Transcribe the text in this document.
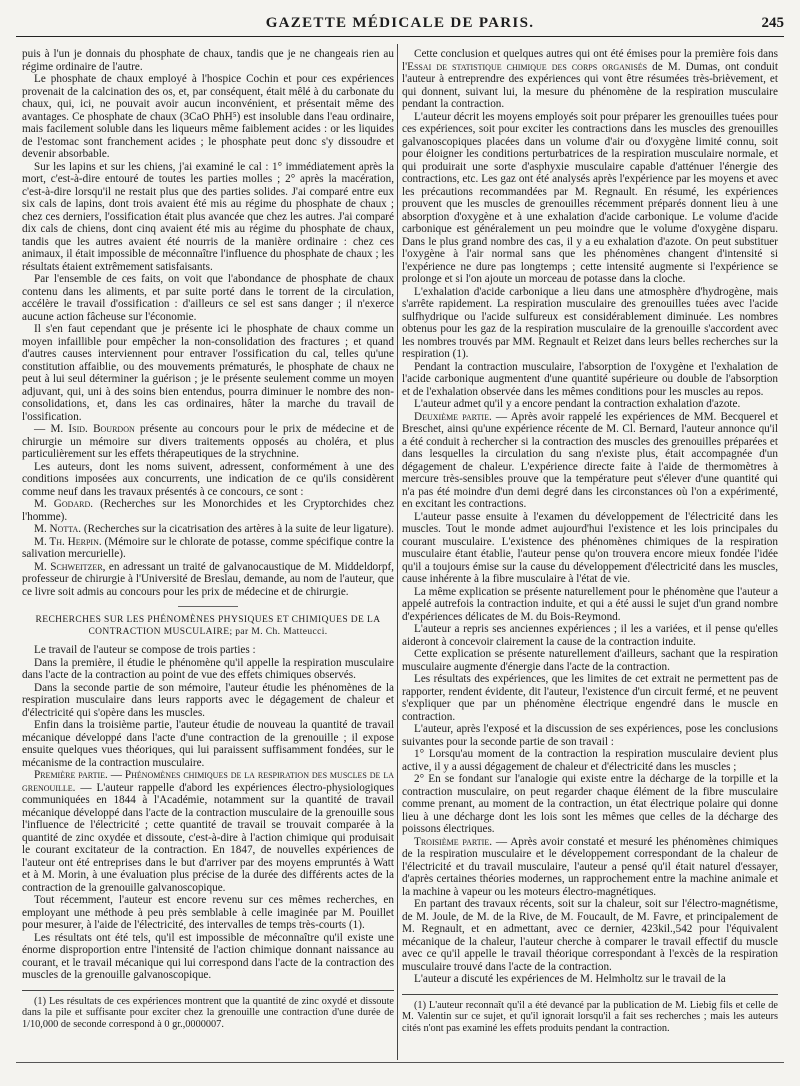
GAZETTE MÉDICALE DE PARIS.	245

puis à l'un je donnais du phosphate de chaux, tandis que je ne changeais rien au régime ordinaire de l'autre.

Le phosphate de chaux employé à l'hospice Cochin et pour ces expériences provenait de la calcination des os, et, par conséquent, était mêlé à du carbonate du chaux, qui, ici, ne pouvait avoir aucun inconvénient, et présentait même des avantages. Ce phosphate de chaux (3CaO PhH⁵) est insoluble dans l'eau ordinaire, mais facilement soluble dans les liqueurs même faiblement acides : or les liquides de l'estomac sont franchement acides ; le phosphate peut donc s'y dissoudre et devenir absorbable.

Sur les lapins et sur les chiens, j'ai examiné le cal : 1° immédiatement après la mort, c'est-à-dire entouré de toutes les parties molles ; 2° après la macération, c'est-à-dire lorsqu'il ne restait plus que des parties solides. J'ai comparé entre eux six cals de lapins, dont trois avaient été mis au régime du phosphate de chaux ; chez ces derniers, l'ossification était plus avancée que chez les autres. J'ai comparé dix cals de chiens, dont cinq avaient été mis au régime du phosphate de chaux, tandis que les autres avaient été nourris de la manière ordinaire : chez ces animaux, il était impossible de méconnaître l'influence du phosphate de chaux ; les résultats étaient extrêmement satisfaisants.

Par l'ensemble de ces faits, on voit que l'abondance de phosphate de chaux contenu dans les aliments, et par suite porté dans le torrent de la circulation, accélère le travail d'ossification : d'ailleurs ce sel est sans danger ; il n'exerce aucune action fâcheuse sur l'économie.

Il s'en faut cependant que je présente ici le phosphate de chaux comme un moyen infaillible pour empêcher la non-consolidation des fractures ; et quand d'autres causes interviennent pour entraver l'ossification du cal, telles qu'une constitution affaiblie, ou des mouvements prématurés, le phosphate de chaux ne peut à lui seul déterminer la guérison ; je le présente seulement comme un moyen adjuvant, qui, uni à des soins bien entendus, pourra diminuer le nombre des non-consolidations, et, dans les cas ordinaires, hâter la marche du travail de l'ossification.

— M. Isid. Bourdon présente au concours pour le prix de médecine et de chirurgie un mémoire sur divers traitements opposés au choléra, et plus particulièrement sur les effets thérapeutiques de la strychnine.

Les auteurs, dont les noms suivent, adressent, conformément à une des conditions imposées aux concurrents, une indication de ce qu'ils considèrent comme neuf dans les travaux présentés à ce concours, ce sont :

M. Godard. (Recherches sur les Monorchides et les Cryptorchides chez l'homme).

M. Notta. (Recherches sur la cicatrisation des artères à la suite de leur ligature).

M. Th. Herpin. (Mémoire sur le chlorate de potasse, comme spécifique contre la salivation mercurielle).

M. Schweitzer, en adressant un traité de galvanocaustique de M. Middeldorpf, professeur de chirurgie à l'Université de Breslau, demande, au nom de l'auteur, que ce livre soit admis au concours pour les prix de médecine et de chirurgie.

RECHERCHES SUR LES PHÉNOMÈNES PHYSIQUES ET CHIMIQUES DE LA
CONTRACTION MUSCULAIRE; par M. Ch. Matteucci.

Le travail de l'auteur se compose de trois parties :

Dans la première, il étudie le phénomène qu'il appelle la respiration musculaire dans l'acte de la contraction au point de vue des effets chimiques observés.

Dans la seconde partie de son mémoire, l'auteur étudie les phénomènes de la respiration musculaire dans leurs rapports avec le dégagement de chaleur et d'électricité qui s'opère dans les muscles.

Enfin dans la troisième partie, l'auteur étudie de nouveau la quantité de travail mécanique développé dans l'acte d'une contraction de la grenouille ; il expose ensuite quelques vues théoriques, qui lui paraissent suffisamment fondées, sur le mécanisme de la contraction musculaire.

Première partie. — Phénomènes chimiques de la respiration des muscles de la grenouille. — L'auteur rappelle d'abord les expériences électro-physiologiques communiquées en 1844 à l'Académie, notamment sur la quantité de travail mécanique développé dans l'acte de la contraction musculaire de la grenouille sous l'influence de l'électricité ; cette quantité de travail se trouvait comparée à la quantité de zinc oxydée et dissoute, c'est-à-dire à l'action chimique qui produisait le courant excitateur de la contraction. En 1847, de nouvelles expériences de l'auteur ont été entreprises dans le but d'arriver par des moyens empruntés à Watt et à M. Morin, à une évaluation plus précise de la durée des différents actes de la contraction de la grenouille galvanoscopique.

Tout récemment, l'auteur est encore revenu sur ces mêmes recherches, en employant une méthode à peu près semblable à celle imaginée par M. Pouillet pour mesurer, à l'aide de l'électricité, des intervalles de temps très-courts (1).

Les résultats ont été tels, qu'il est impossible de méconnaître qu'il existe une énorme disproportion entre l'intensité de l'action chimique donnant naissance au courant, et le travail mécanique qui lui correspond dans l'acte de la contraction des muscles de la grenouille galvanoscopique.

(1) Les résultats de ces expériences montrent que la quantité de zinc oxydé et dissoute dans la pile et suffisante pour exciter chez la grenouille une contraction d'une durée de 1/10,000 de seconde correspond à 0 gr.,0000007.

Cette conclusion et quelques autres qui ont été émises pour la première fois dans l'Essai de statistique chimique des corps organisés de M. Dumas, ont conduit l'auteur à entreprendre des expériences qui vont être résumées très-brièvement, et qui donnent, suivant lui, la mesure du phénomène de la respiration musculaire pendant la contraction.

L'auteur décrit les moyens employés soit pour préparer les grenouilles tuées pour ces expériences, soit pour exciter les contractions dans les muscles des grenouilles galvanoscopiques placées dans un volume d'air ou d'oxygène limité connu, soit pour éloigner les conditions perturbatrices de la respiration musculaire normale, et qui produirait une sorte d'asphyxie musculaire capable d'atténuer l'énergie des contractions, etc. Les gaz ont été analysés après l'expérience par les moyens et avec les précautions recommandées par M. Regnault. En résumé, les expériences prouvent que les muscles de grenouilles récemment préparés donnent lieu à une absorption d'oxygène et à une exhalation d'acide carbonique. Le volume d'acide carbonique est généralement un peu moindre que le volume d'oxygène disparu. Dans le plus grand nombre des cas, il y a eu exhalation d'azote. On peut substituer l'oxygène à l'air normal sans que les phénomènes changent d'intensité si l'expérience ne dure pas longtemps ; cette intensité augmente si l'expérience se prolonge et si l'on ajoute un morceau de potasse dans la cloche.

L'exhalation d'acide carbonique a lieu dans une atmosphère d'hydrogène, mais s'arrête rapidement. La respiration musculaire des grenouilles tuées avec l'acide sulfhydrique ou l'acide sulfureux est considérablement diminuée. Les nombres obtenus pour les gaz de la respiration musculaire de la grenouille s'accordent avec les nombres trouvés par MM. Regnault et Reizet dans leurs belles recherches sur la respiration (1).

Pendant la contraction musculaire, l'absorption de l'oxygène et l'exhalation de l'acide carbonique augmentent d'une quantité supérieure ou double de l'absorption et de l'exhalation observée dans les mêmes conditions pour les muscles au repos.

L'auteur admet qu'il y a encore pendant la contraction exhalation d'azote.

Deuxième partie. — Après avoir rappelé les expériences de MM. Becquerel et Breschet, ainsi qu'une expérience récente de M. Cl. Bernard, l'auteur annonce qu'il a été conduit à rechercher si la contraction des muscles des grenouilles préparées et dans lesquelles la circulation du sang n'existe plus, était accompagnée d'un dégagement de chaleur. L'expérience directe faite à l'aide de thermomètres à mercure très-sensibles prouve que la température peut s'élever d'une quantité qui n'a pas été moindre d'un demi degré dans les circonstances où l'on a expérimenté, en excitant les contractions.

L'auteur passe ensuite à l'examen du développement de l'électricité dans les muscles. Tout le monde admet aujourd'hui l'existence et les lois principales du courant musculaire. L'existence des phénomènes chimiques de la respiration musculaire étant établie, l'auteur pense qu'on trouvera encore mieux fondée l'idée qu'il a toujours émise sur la cause du développement d'électricité dans les muscles, cause inhérente à la fibre musculaire à l'état de vie.

La même explication se présente naturellement pour le phénomène que l'auteur a appelé autrefois la contraction induite, et qui a été aussi le sujet d'un grand nombre d'expériences délicates de M. du Bois-Reymond.

L'auteur a repris ses anciennes expériences ; il les a variées, et il pense qu'elles aideront à concevoir clairement la cause de la contraction induite.

Cette explication se présente naturellement d'ailleurs, sachant que la respiration musculaire augmente d'énergie dans l'acte de la contraction.

Les résultats des expériences, que les limites de cet extrait ne permettent pas de rapporter, rendent évidente, dit l'auteur, l'existence d'un circuit fermé, et ne peuvent s'expliquer que par un phénomène électrique engendré dans le muscle en contraction.

L'auteur, après l'exposé et la discussion de ses expériences, pose les conclusions suivantes pour la seconde partie de son travail :

1° Lorsqu'au moment de la contraction la respiration musculaire devient plus active, il y a aussi dégagement de chaleur et d'électricité dans les muscles ;

2° En se fondant sur l'analogie qui existe entre la décharge de la torpille et la contraction musculaire, on peut regarder chaque élément de la fibre musculaire comme prenant, au moment de la contraction, un état électrique polaire qui donne lieu à une décharge dont les lois sont les mêmes que celles de la décharge des poissons électriques.

Troisième partie. — Après avoir constaté et mesuré les phénomènes chimiques de la respiration musculaire et le développement correspondant de la chaleur de l'électricité et du travail musculaire, l'auteur a pensé qu'il était naturel d'essayer, d'après certaines théories modernes, un rapprochement entre la machine animale et la machine à vapeur ou les moteurs électro-magnétiques.

En partant des travaux récents, soit sur la chaleur, soit sur l'électro-magnétisme, de M. Joule, de M. de la Rive, de M. Foucault, de M. Favre, et principalement de M. Regnault, et en admettant, avec ce dernier, 423kil.,542 pour l'équivalent mécanique de la chaleur, l'auteur cherche à comparer le travail effectif du muscle avec ce qu'il appelle le travail théorique correspondant à l'excès de la respiration musculaire trouvé dans l'acte de la contraction.

L'auteur a discuté les expériences de M. Helmholtz sur le travail de la

(1) L'auteur reconnaît qu'il a été devancé par la publication de M. Liebig fils et celle de M. Valentin sur ce sujet, et qu'il ignorait lorsqu'il a fait ses recherches ; mais les auteurs cités n'ont pas examiné les effets produits pendant la contraction.
